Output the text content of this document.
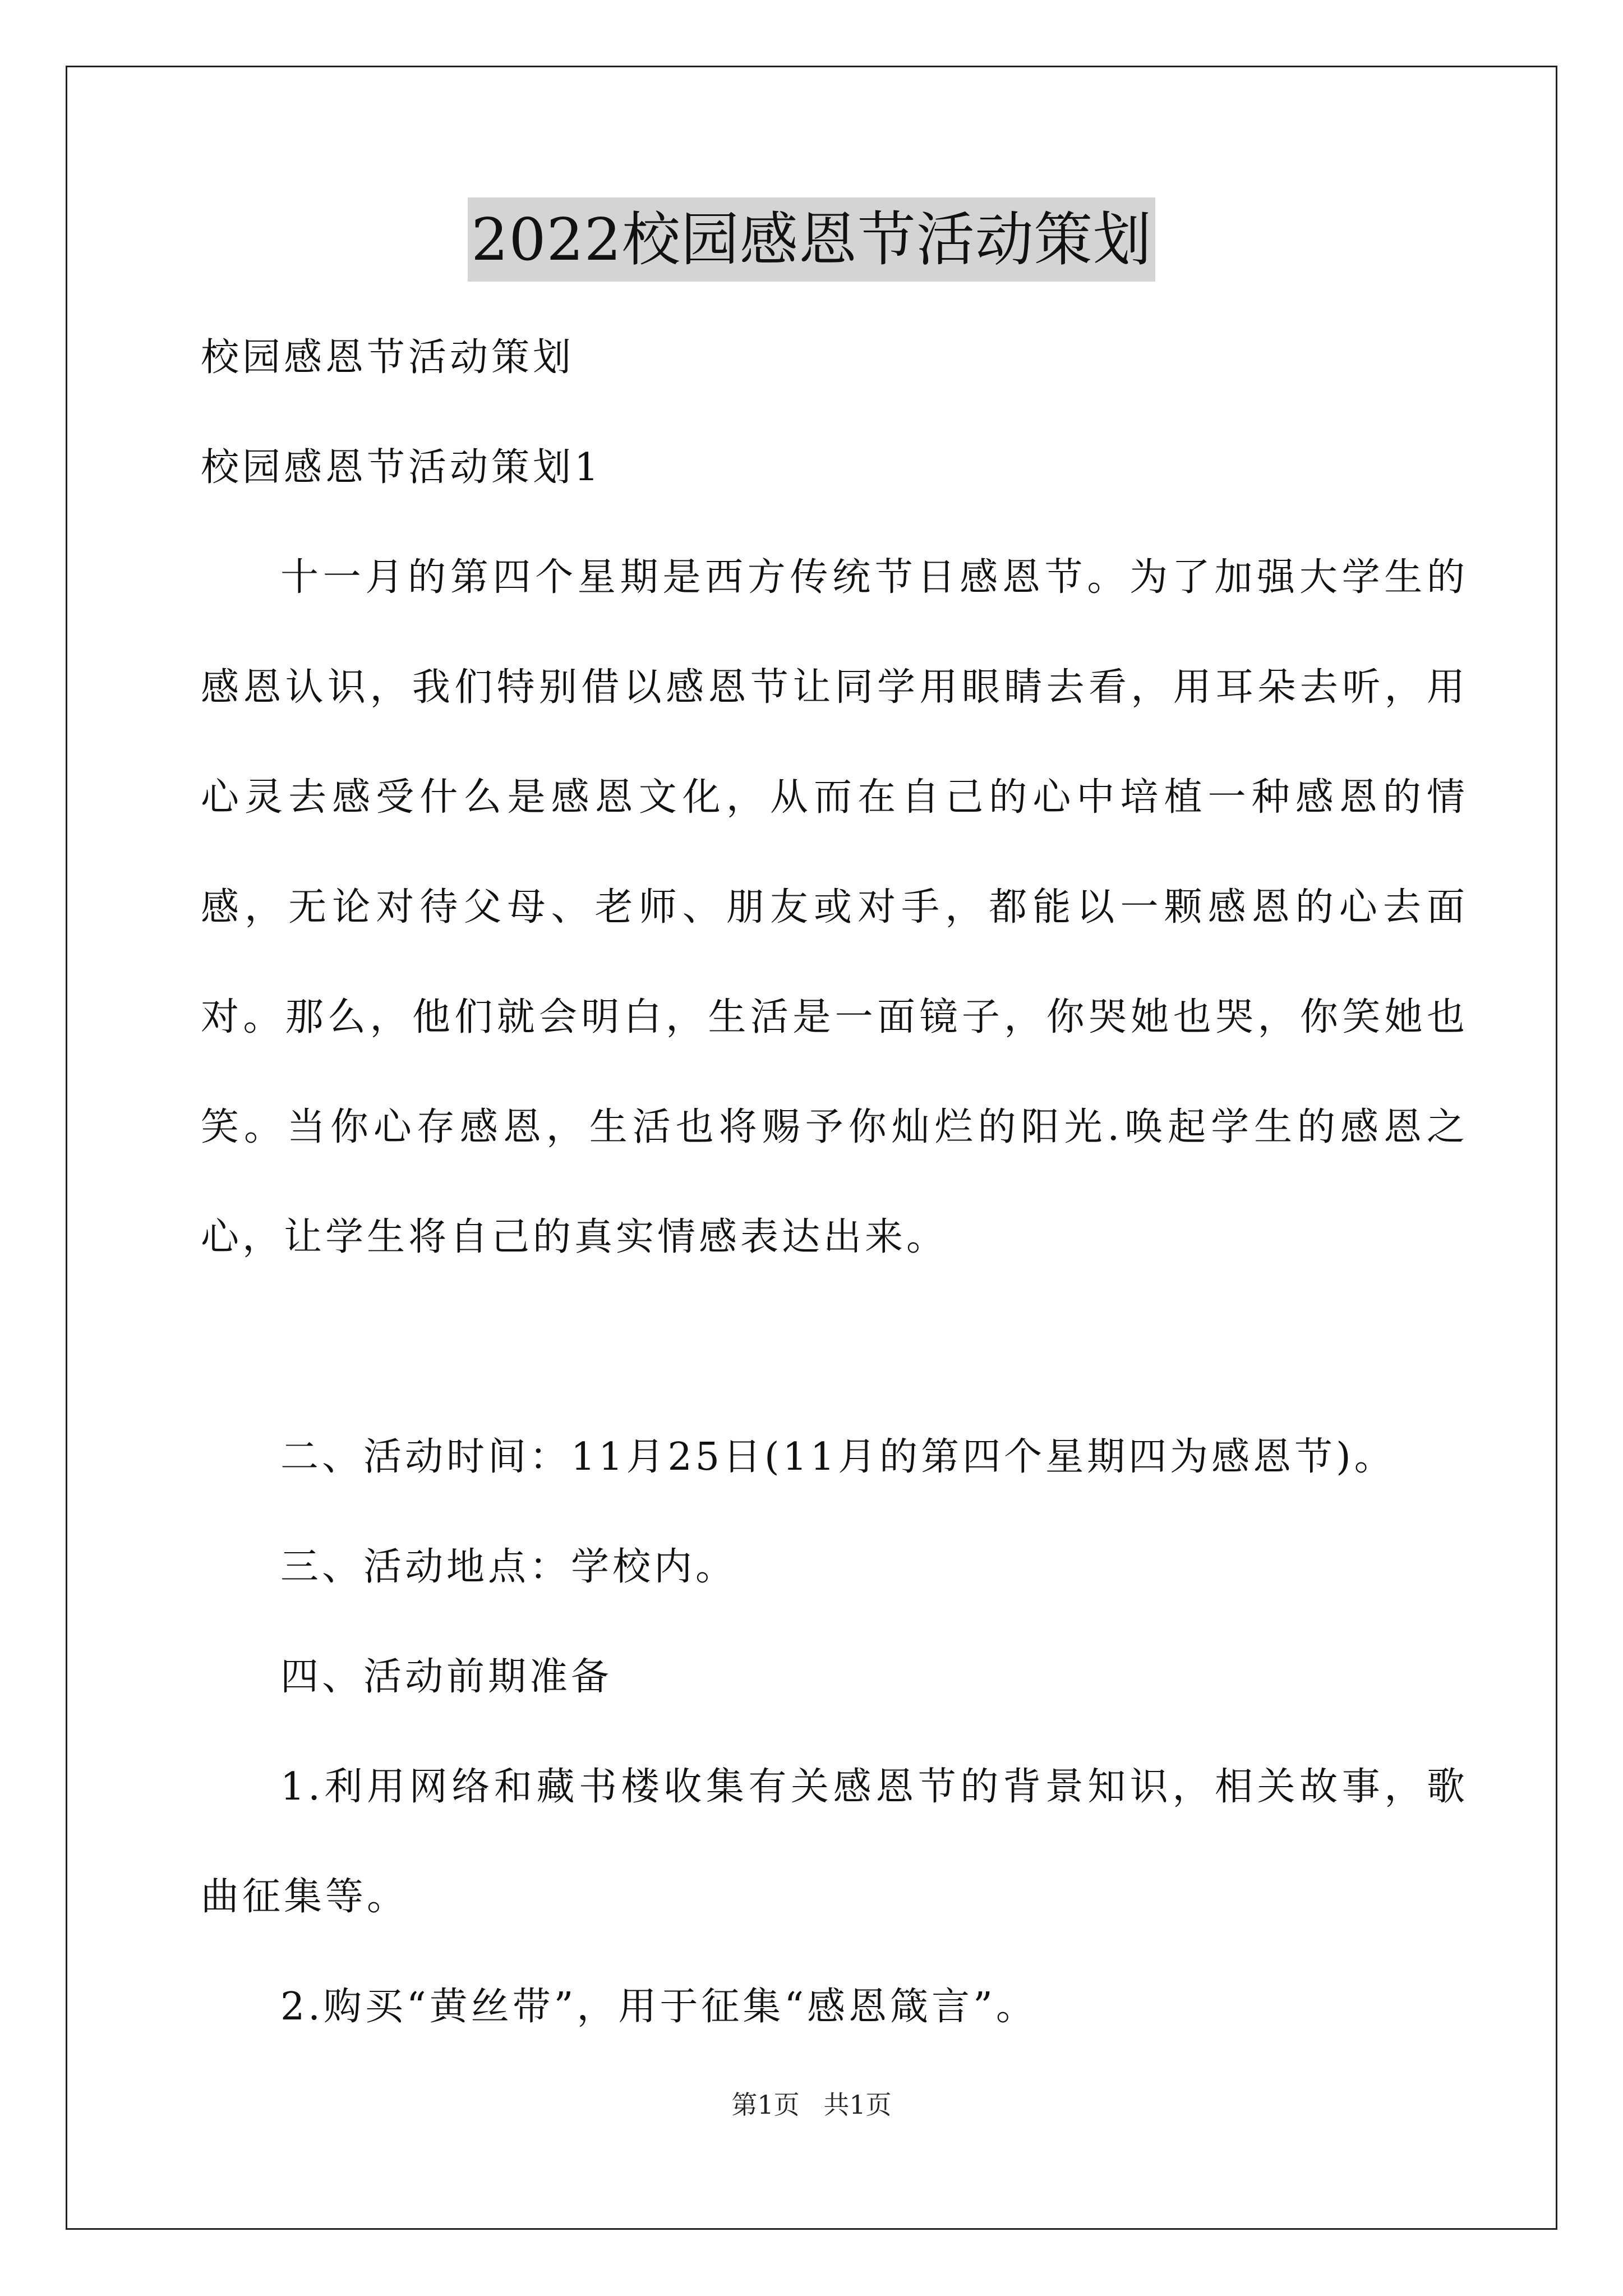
2022校园感恩节活动策划
校园感恩节活动策划
校园感恩节活动策划1
十一月的第四个星期是西方传统节日感恩节。为了加强大学生的感恩认识，我们特别借以感恩节让同学用眼睛去看，用耳朵去听，用心灵去感受什么是感恩文化，从而在自己的心中培植一种感恩的情感，无论对待父母、老师、朋友或对手，都能以一颗感恩的心去面对。那么，他们就会明白，生活是一面镜子，你哭她也哭，你笑她也笑。当你心存感恩，生活也将赐予你灿烂的阳光.唤起学生的感恩之心，让学生将自己的真实情感表达出来。
二、活动时间：11月25日(11月的第四个星期四为感恩节)。
三、活动地点：学校内。
四、活动前期准备
1.利用网络和藏书楼收集有关感恩节的背景知识，相关故事，歌曲征集等。
2.购买“黄丝带”，用于征集“感恩箴言”。
第1页 共1页
